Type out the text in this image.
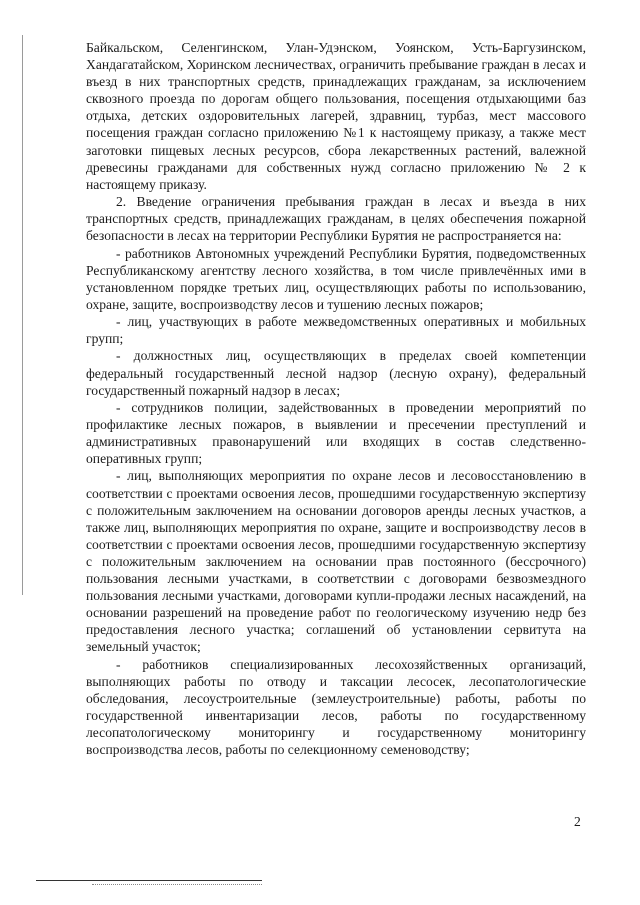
Байкальском, Селенгинском, Улан-Удэнском, Уоянском, Усть-Баргузинском, Хандагатайском, Хоринском лесничествах, ограничить пребывание граждан в лесах и въезд в них транспортных средств, принадлежащих гражданам, за исключением сквозного проезда по дорогам общего пользования, посещения отдыхающими баз отдыха, детских оздоровительных лагерей, здравниц, турбаз, мест массового посещения граждан согласно приложению №1 к настоящему приказу, а также мест заготовки пищевых лесных ресурсов, сбора лекарственных растений, валежной древесины гражданами для собственных нужд согласно приложению № 2 к настоящему приказу.

2. Введение ограничения пребывания граждан в лесах и въезда в них транспортных средств, принадлежащих гражданам, в целях обеспечения пожарной безопасности в лесах на территории Республики Бурятия не распространяется на:

- работников Автономных учреждений Республики Бурятия, подведомственных Республиканскому агентству лесного хозяйства, в том числе привлечённых ими в установленном порядке третьих лиц, осуществляющих работы по использованию, охране, защите, воспроизводству лесов и тушению лесных пожаров;

- лиц, участвующих в работе межведомственных оперативных и мобильных групп;

- должностных лиц, осуществляющих в пределах своей компетенции федеральный государственный лесной надзор (лесную охрану), федеральный государственный пожарный надзор в лесах;

- сотрудников полиции, задействованных в проведении мероприятий по профилактике лесных пожаров, в выявлении и пресечении преступлений и административных правонарушений или входящих в состав следственно-оперативных групп;

- лиц, выполняющих мероприятия по охране лесов и лесовосстановлению в соответствии с проектами освоения лесов, прошедшими государственную экспертизу с положительным заключением на основании договоров аренды лесных участков, а также лиц, выполняющих мероприятия по охране, защите и воспроизводству лесов в соответствии с проектами освоения лесов, прошедшими государственную экспертизу с положительным заключением на основании прав постоянного (бессрочного) пользования лесными участками, в соответствии с договорами безвозмездного пользования лесными участками, договорами купли-продажи лесных насаждений, на основании разрешений на проведение работ по геологическому изучению недр без предоставления лесного участка; соглашений об установлении сервитута на земельный участок;

- работников специализированных лесохозяйственных организаций, выполняющих работы по отводу и таксации лесосек, лесопатологические обследования, лесоустроительные (землеустроительные) работы, работы по государственной инвентаризации лесов, работы по государственному лесопатологическому мониторингу и государственному мониторингу воспроизводства лесов, работы по селекционному семеноводству;

2
